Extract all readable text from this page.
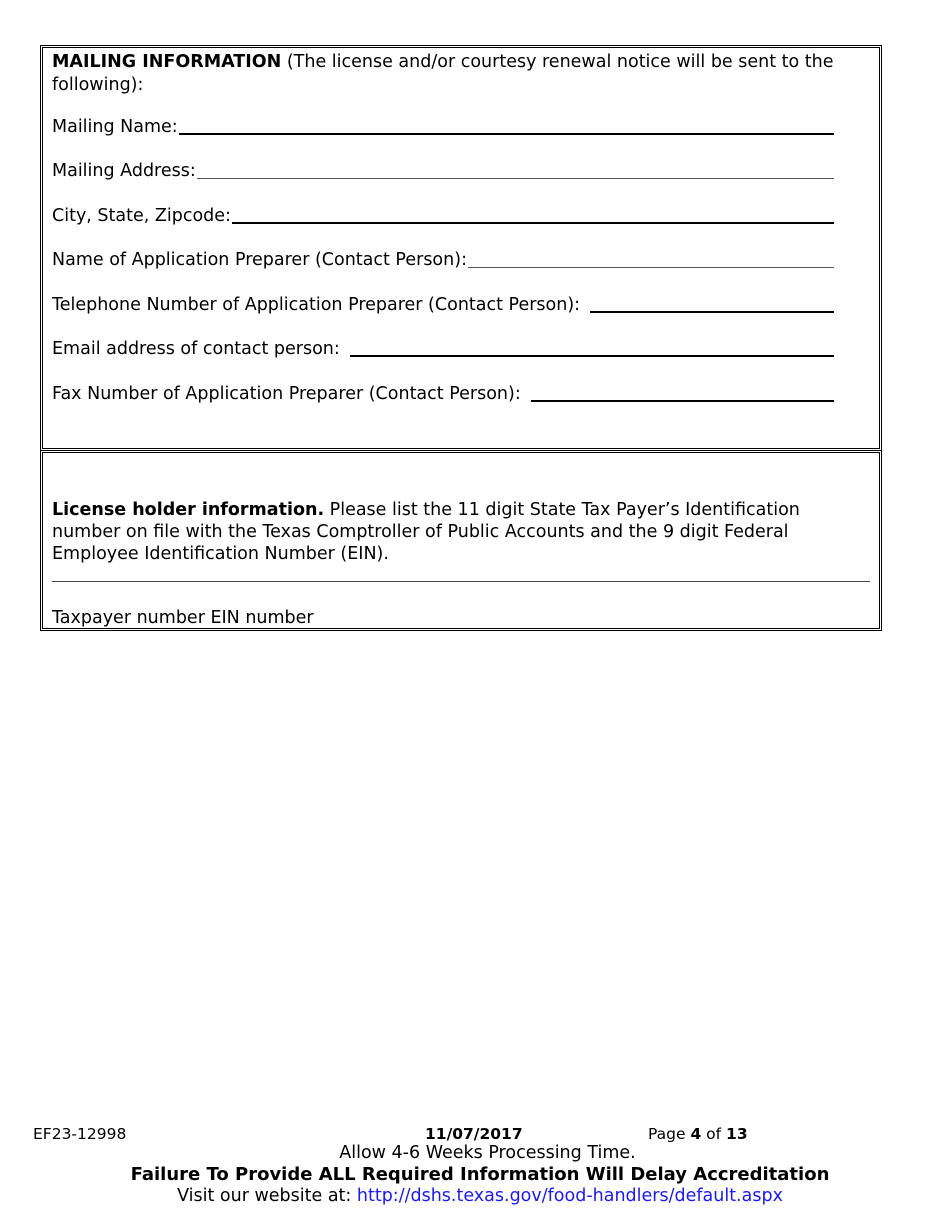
MAILING INFORMATION (The license and/or courtesy renewal notice will be sent to the following):
Mailing Name:
Mailing Address:
City, State, Zipcode:
Name of Application Preparer (Contact Person):
Telephone Number of Application Preparer (Contact Person):
Email address of contact person:
Fax Number of Application Preparer (Contact Person):
License holder information. Please list the 11 digit State Tax Payer’s Identification number on file with the Texas Comptroller of Public Accounts and the 9 digit Federal Employee Identification Number (EIN).
Taxpayer number EIN number
EF23-12998	11/07/2017	Page 4 of 13
Allow 4-6 Weeks Processing Time.
Failure To Provide ALL Required Information Will Delay Accreditation
Visit our website at: http://dshs.texas.gov/food-handlers/default.aspx
